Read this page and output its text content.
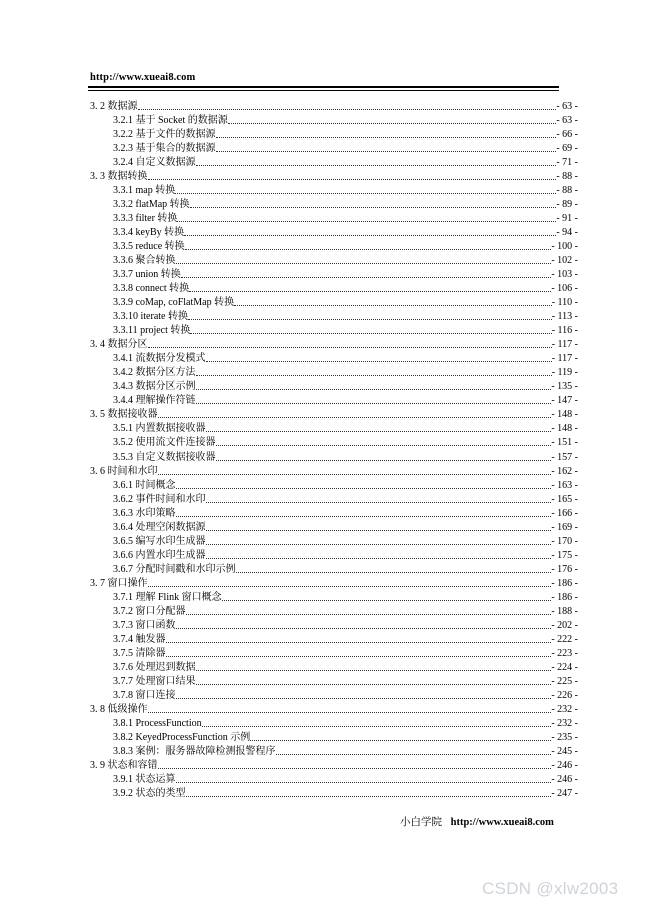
http://www.xueai8.com
3. 2 数据源	- 63 -
3.2.1 基于 Socket 的数据源	- 63 -
3.2.2 基于文件的数据源	- 66 -
3.2.3 基于集合的数据源	- 69 -
3.2.4 自定义数据源	- 71 -
3. 3 数据转换	- 88 -
3.3.1 map 转换	- 88 -
3.3.2 flatMap 转换	- 89 -
3.3.3 filter 转换	- 91 -
3.3.4 keyBy 转换	- 94 -
3.3.5 reduce 转换	- 100 -
3.3.6 聚合转换	- 102 -
3.3.7 union 转换	- 103 -
3.3.8 connect 转换	- 106 -
3.3.9 coMap, coFlatMap 转换	- 110 -
3.3.10 iterate 转换	- 113 -
3.3.11 project 转换	- 116 -
3. 4 数据分区	- 117 -
3.4.1 流数据分发模式	- 117 -
3.4.2 数据分区方法	- 119 -
3.4.3 数据分区示例	- 135 -
3.4.4 理解操作符链	- 147 -
3. 5 数据接收器	- 148 -
3.5.1 内置数据接收器	- 148 -
3.5.2 使用流文件连接器	- 151 -
3.5.3 自定义数据接收器	- 157 -
3. 6 时间和水印	- 162 -
3.6.1 时间概念	- 163 -
3.6.2 事件时间和水印	- 165 -
3.6.3 水印策略	- 166 -
3.6.4 处理空闲数据源	- 169 -
3.6.5 编写水印生成器	- 170 -
3.6.6 内置水印生成器	- 175 -
3.6.7 分配时间戳和水印示例	- 176 -
3. 7 窗口操作	- 186 -
3.7.1 理解 Flink 窗口概念	- 186 -
3.7.2 窗口分配器	- 188 -
3.7.3 窗口函数	- 202 -
3.7.4 触发器	- 222 -
3.7.5 清除器	- 223 -
3.7.6 处理迟到数据	- 224 -
3.7.7 处理窗口结果	- 225 -
3.7.8 窗口连接	- 226 -
3. 8 低级操作	- 232 -
3.8.1 ProcessFunction	- 232 -
3.8.2 KeyedProcessFunction 示例	- 235 -
3.8.3 案例：服务器故障检测报警程序	- 245 -
3. 9 状态和容错	- 246 -
3.9.1 状态运算	- 246 -
3.9.2 状态的类型	- 247 -
小白学院 http://www.xueai8.com
CSDN @xlw2003
